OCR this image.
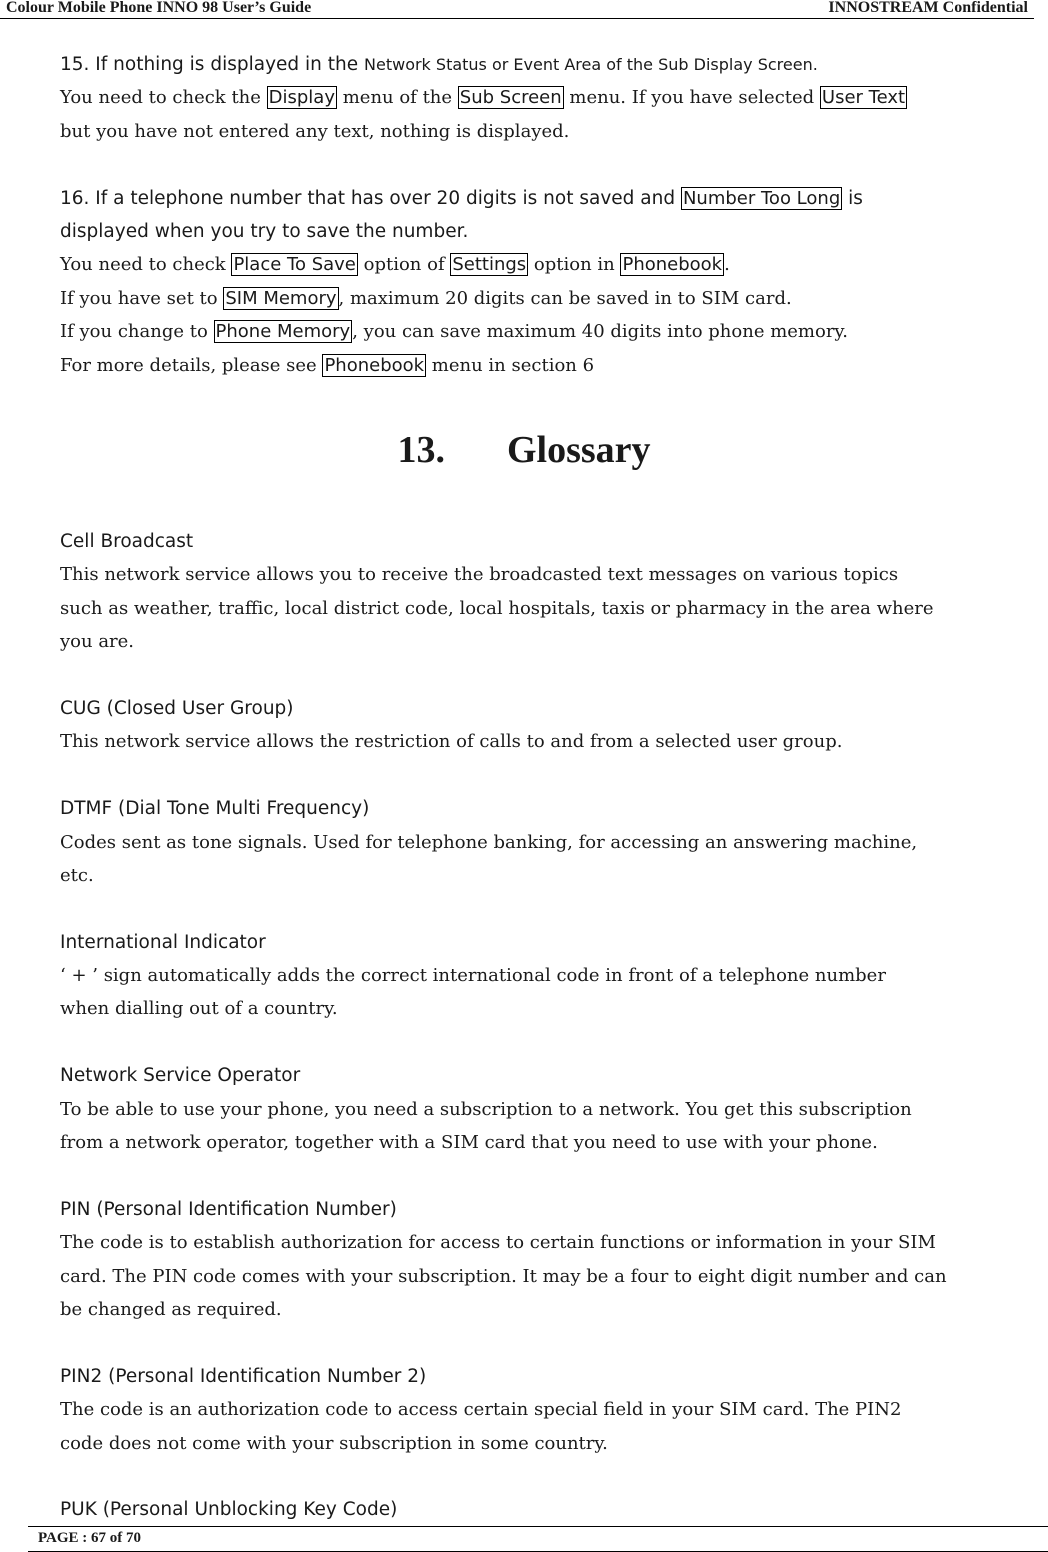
Colour Mobile Phone INNO 98 User’s Guide	INNOSTREAM Confidential
15. If nothing is displayed in the Network Status or Event Area of the Sub Display Screen.
You need to check the Display menu of the Sub Screen menu. If you have selected User Text
but you have not entered any text, nothing is displayed.
16. If a telephone number that has over 20 digits is not saved and Number Too Long is
displayed when you try to save the number.
You need to check Place To Save option of Settings option in Phonebook .
If you have set to SIM Memory , maximum 20 digits can be saved in to SIM card.
If you change to Phone Memory , you can save maximum 40 digits into phone memory.
For more details, please see Phonebook menu in section 6
13. Glossary
Cell Broadcast
This network service allows you to receive the broadcasted text messages on various topics
such as weather, traffic, local district code, local hospitals, taxis or pharmacy in the area where
you are.
CUG (Closed User Group)
This network service allows the restriction of calls to and from a selected user group.
DTMF (Dial Tone Multi Frequency)
Codes sent as tone signals. Used for telephone banking, for accessing an answering machine,
etc.
International Indicator
‘ + ’ sign automatically adds the correct international code in front of a telephone number
when dialling out of a country.
Network Service Operator
To be able to use your phone, you need a subscription to a network. You get this subscription
from a network operator, together with a SIM card that you need to use with your phone.
PIN (Personal Identification Number)
The code is to establish authorization for access to certain functions or information in your SIM
card. The PIN code comes with your subscription. It may be a four to eight digit number and can
be changed as required.
PIN2 (Personal Identification Number 2)
The code is an authorization code to access certain special field in your SIM card. The PIN2
code does not come with your subscription in some country.
PUK (Personal Unblocking Key Code)
PAGE : 67 of 70
